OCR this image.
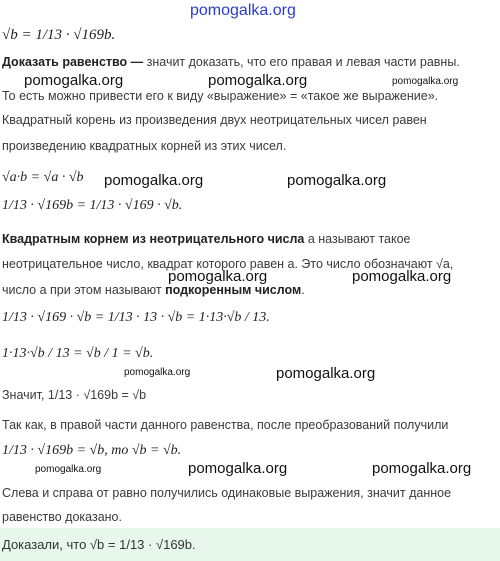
pomogalka.org
pomogalka.org	pomogalka.org	pomogalka.org
pomogalka.org	pomogalka.org
pomogalka.org	pomogalka.org
pomogalka.org	pomogalka.org
pomogalka.org	pomogalka.org	pomogalka.org
√b = 1/13 · √169b.
Доказать равенство — значит доказать, что его правая и левая части равны.
То есть можно привести его к виду «выражение» = «такое же выражение».
Квадратный корень из произведения двух неотрицательных чисел равен
произведению квадратных корней из этих чисел.
√a·b = √a · √b
1/13 · √169b = 1/13 · √169 · √b.
Квадратным корнем из неотрицательного числа a называют такое
неотрицательное число, квадрат которого равен a. Это число обозначают √a,
число a при этом называют подкоренным числом.
1/13 · √169 · √b = 1/13 · 13 · √b = 1·13·√b / 13.
1·13·√b / 13 = √b / 1 = √b.
Значит, 1/13 · √169b = √b
Так как, в правой части данного равенства, после преобразований получили
1/13 · √169b = √b, то √b = √b.
Слева и справа от равно получились одинаковые выражения, значит данное
равенство доказано.
Доказали, что √b = 1/13 · √169b.
